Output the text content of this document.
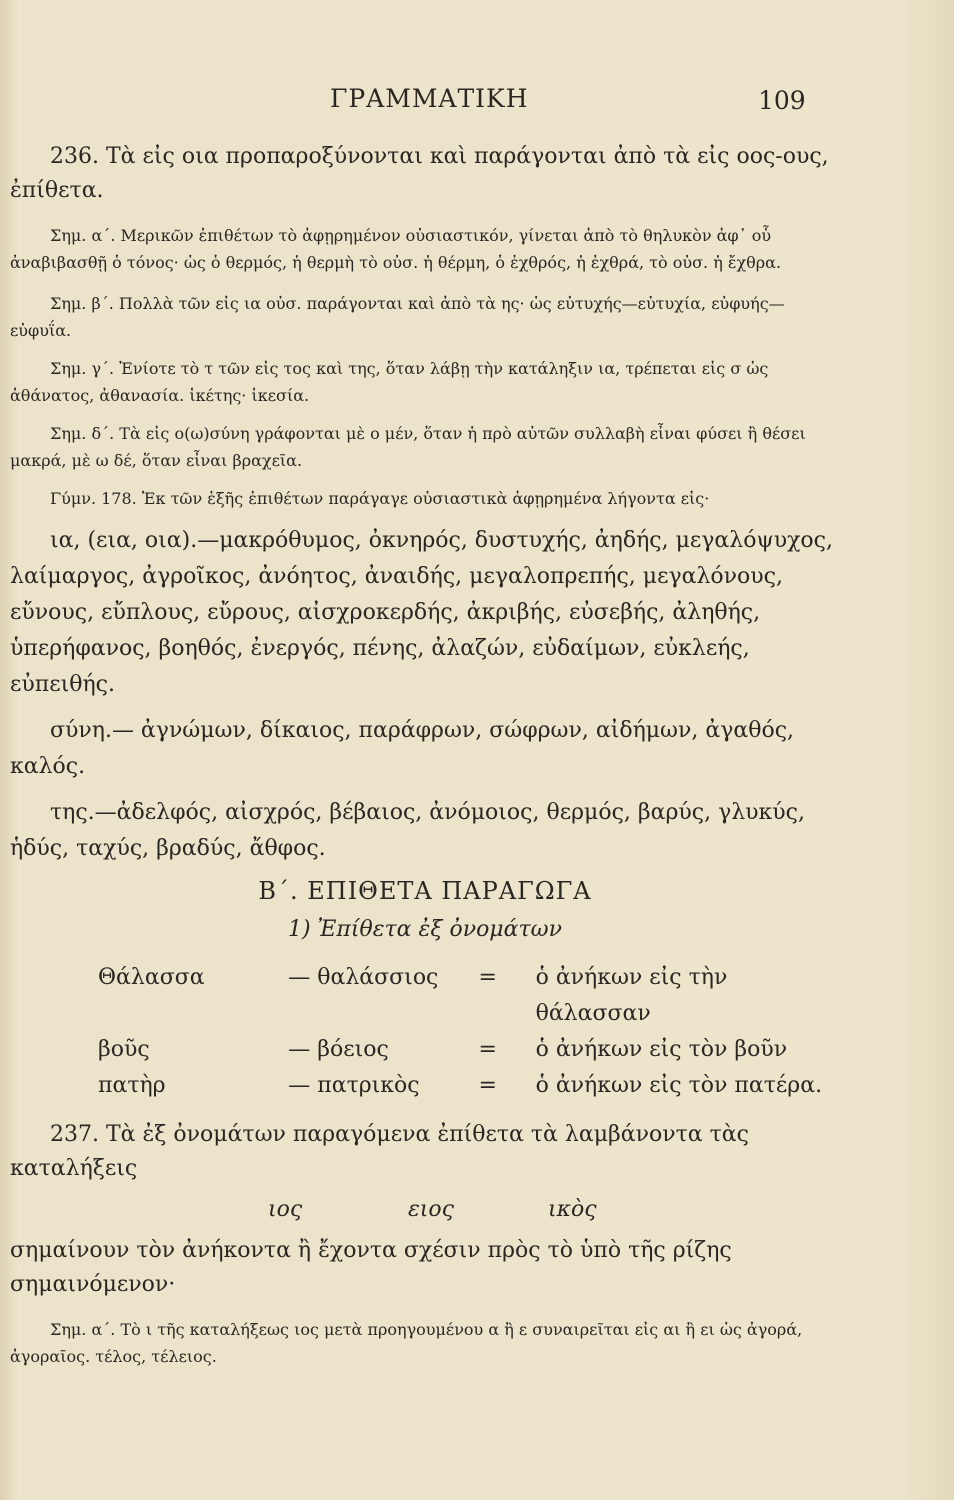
ΓΡΑΜΜΑΤΙΚΗ	109

236. Τὰ εἰς οια προπαροξύνονται καὶ παράγονται ἀπὸ τὰ εἰς οος-ους, ἐπίθετα.

Σημ. α΄. Μερικῶν ἐπιθέτων τὸ ἀφῃρημένον οὐσιαστικόν, γίνεται ἀπὸ τὸ θηλυκὸν ἀφ᾽ οὗ ἀναβιβασθῇ ὁ τόνος· ὡς ὁ θερμός, ἡ θερμὴ τὸ οὐσ. ἡ θέρμη, ὁ ἐχθρός, ἡ ἐχθρά, τὸ οὐσ. ἡ ἔχθρα.

Σημ. β΄. Πολλὰ τῶν εἰς ια οὐσ. παράγονται καὶ ἀπὸ τὰ ης· ὡς εὐτυχής—εὐτυχία, εὐφυής—εὐφυΐα.

Σημ. γ΄. Ἐνίοτε τὸ τ τῶν εἰς τος καὶ της, ὅταν λάβῃ τὴν κατάληξιν ια, τρέπεται εἰς σ ὡς ἀθάνατος, ἀθανασία. ἱκέτης· ἱκεσία.

Σημ. δ΄. Τὰ εἰς ο(ω)σύνη γράφονται μὲ ο μέν, ὅταν ἡ πρὸ αὐτῶν συλλαβὴ εἶναι φύσει ἢ θέσει μακρά, μὲ ω δέ, ὅταν εἶναι βραχεῖα.

Γύμν. 178. Ἐκ τῶν ἑξῆς ἐπιθέτων παράγαγε οὐσιαστικὰ ἀφῃρημένα λήγοντα εἰς·

ια, (εια, οια).—μακρόθυμος, ὀκνηρός, δυστυχής, ἀηδής, μεγαλόψυχος, λαίμαργος, ἀγροῖκος, ἀνόητος, ἀναιδής, μεγαλοπρεπής, μεγαλόνους, εὔνους, εὔπλους, εὔρους, αἰσχροκερδής, ἀκριβής, εὐσεβής, ἀληθής, ὑπερήφανος, βοηθός, ἐνεργός, πένης, ἀλαζών, εὐδαίμων, εὐκλεής, εὐπειθής.

σύνη.— ἀγνώμων, δίκαιος, παράφρων, σώφρων, αἰδήμων, ἀγαθός, καλός.

της.—ἀδελφός, αἰσχρός, βέβαιος, ἀνόμοιος, θερμός, βαρύς, γλυκύς, ἡδύς, ταχύς, βραδύς, ἄθφος.

Β΄. ΕΠΙΘΕΤΑ ΠΑΡΑΓΩΓΑ

1) Ἐπίθετα ἐξ ὀνομάτων

Θάλασσα	— θαλάσσιος	=	ὁ ἀνήκων εἰς τὴν θάλασσαν
βοῦς	— βόειος	=	ὁ ἀνήκων εἰς τὸν βοῦν
πατὴρ	— πατρικὸς	=	ὁ ἀνήκων εἰς τὸν πατέρα.

237. Τὰ ἐξ ὀνομάτων παραγόμενα ἐπίθετα τὰ λαμβάνοντα τὰς καταλήξεις

ιος	ειος	ικὸς

σημαίνουν τὸν ἀνήκοντα ἢ ἔχοντα σχέσιν πρὸς τὸ ὑπὸ τῆς ρίζης σημαινόμενον·

Σημ. α΄. Τὸ ι τῆς καταλήξεως ιος μετὰ προηγουμένου α ἢ ε συναιρεῖται εἰς αι ἢ ει ὡς ἀγορά, ἀγοραῖος. τέλος, τέλειος.
